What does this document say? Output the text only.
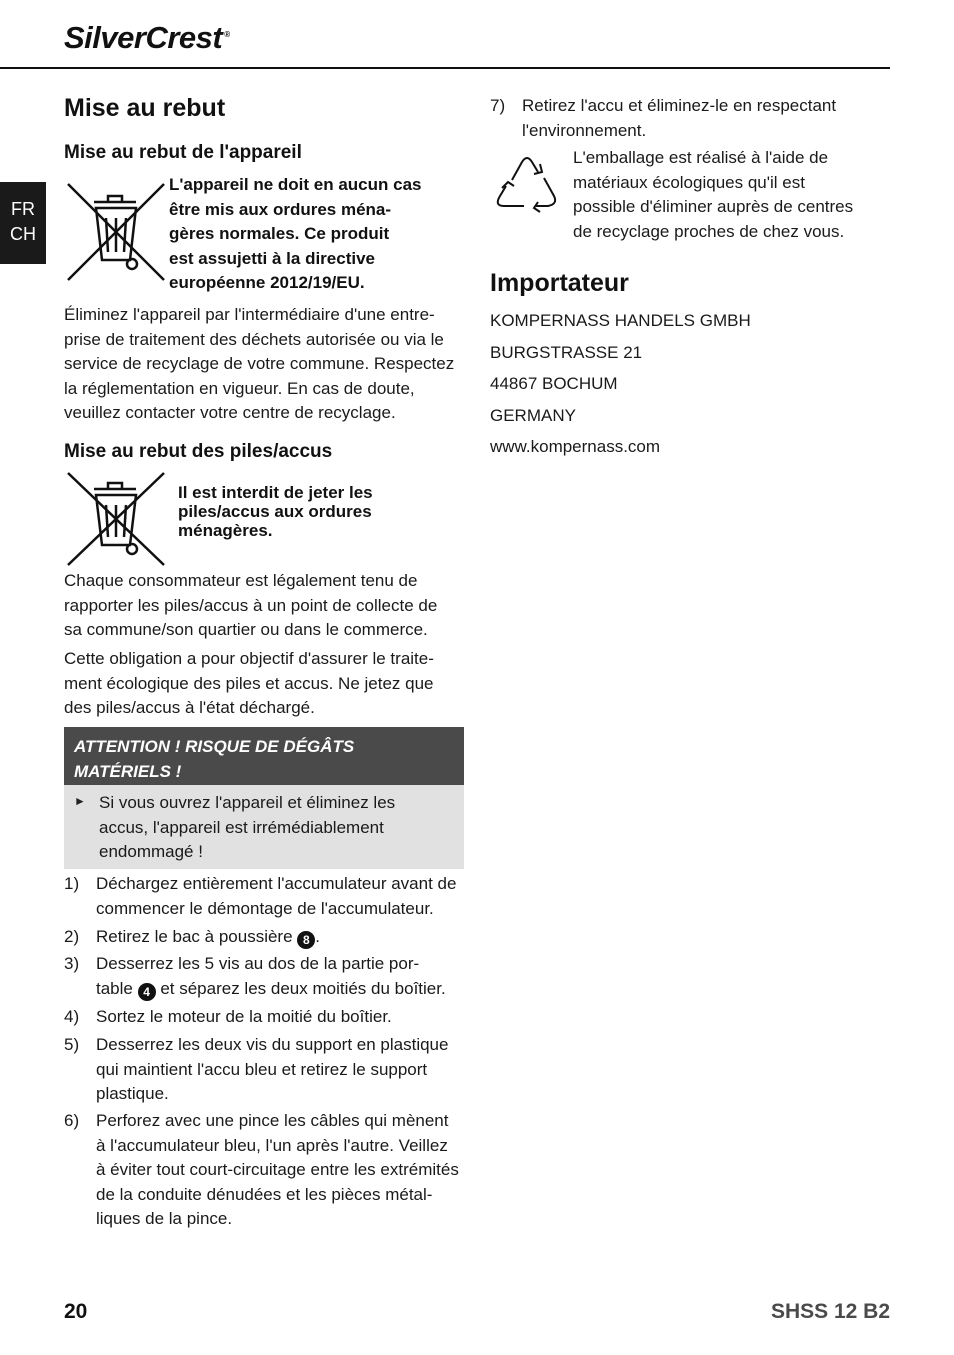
SilverCrest ®
FR
CH
Mise au rebut
Mise au rebut de l'appareil
L'appareil ne doit en aucun cas
être mis aux ordures ména-
gères normales. Ce produit
est assujetti à la directive
européenne 2012/19/EU.
Éliminez l'appareil par l'intermédiaire d'une entre-
prise de traitement des déchets autorisée ou via le
service de recyclage de votre commune. Respectez
la réglementation en vigueur. En cas de doute,
veuillez contacter votre centre de recyclage.
Mise au rebut des piles/accus
Il est interdit de jeter les
piles/accus aux ordures
ménagères.
Chaque consommateur est légalement tenu de
rapporter les piles/accus à un point de collecte de
sa commune/son quartier ou dans le commerce.
Cette obligation a pour objectif d'assurer le traite-
ment écologique des piles et accus. Ne jetez que
des piles/accus à l'état déchargé.
ATTENTION ! RISQUE DE DÉGÂTS
MATÉRIELS !
► Si vous ouvrez l'appareil et éliminez les
accus, l'appareil est irrémédiablement
endommagé !
1) Déchargez entièrement l'accumulateur avant de
commencer le démontage de l'accumulateur.
2) Retirez le bac à poussière 8 .
3) Desserrez les 5 vis au dos de la partie por-
table 4 et séparez les deux moitiés du boîtier.
4) Sortez le moteur de la moitié du boîtier.
5) Desserrez les deux vis du support en plastique
qui maintient l'accu bleu et retirez le support
plastique.
6) Perforez avec une pince les câbles qui mènent
à l'accumulateur bleu, l'un après l'autre. Veillez
à éviter tout court-circuitage entre les extrémités
de la conduite dénudées et les pièces métal-
liques de la pince.
7) Retirez l'accu et éliminez-le en respectant
l'environnement.
L'emballage est réalisé à l'aide de
matériaux écologiques qu'il est
possible d'éliminer auprès de centres
de recyclage proches de chez vous.
Importateur
KOMPERNASS HANDELS GMBH
BURGSTRASSE 21
44867 BOCHUM
GERMANY
www.kompernass.com
20	SHSS 12 B2
